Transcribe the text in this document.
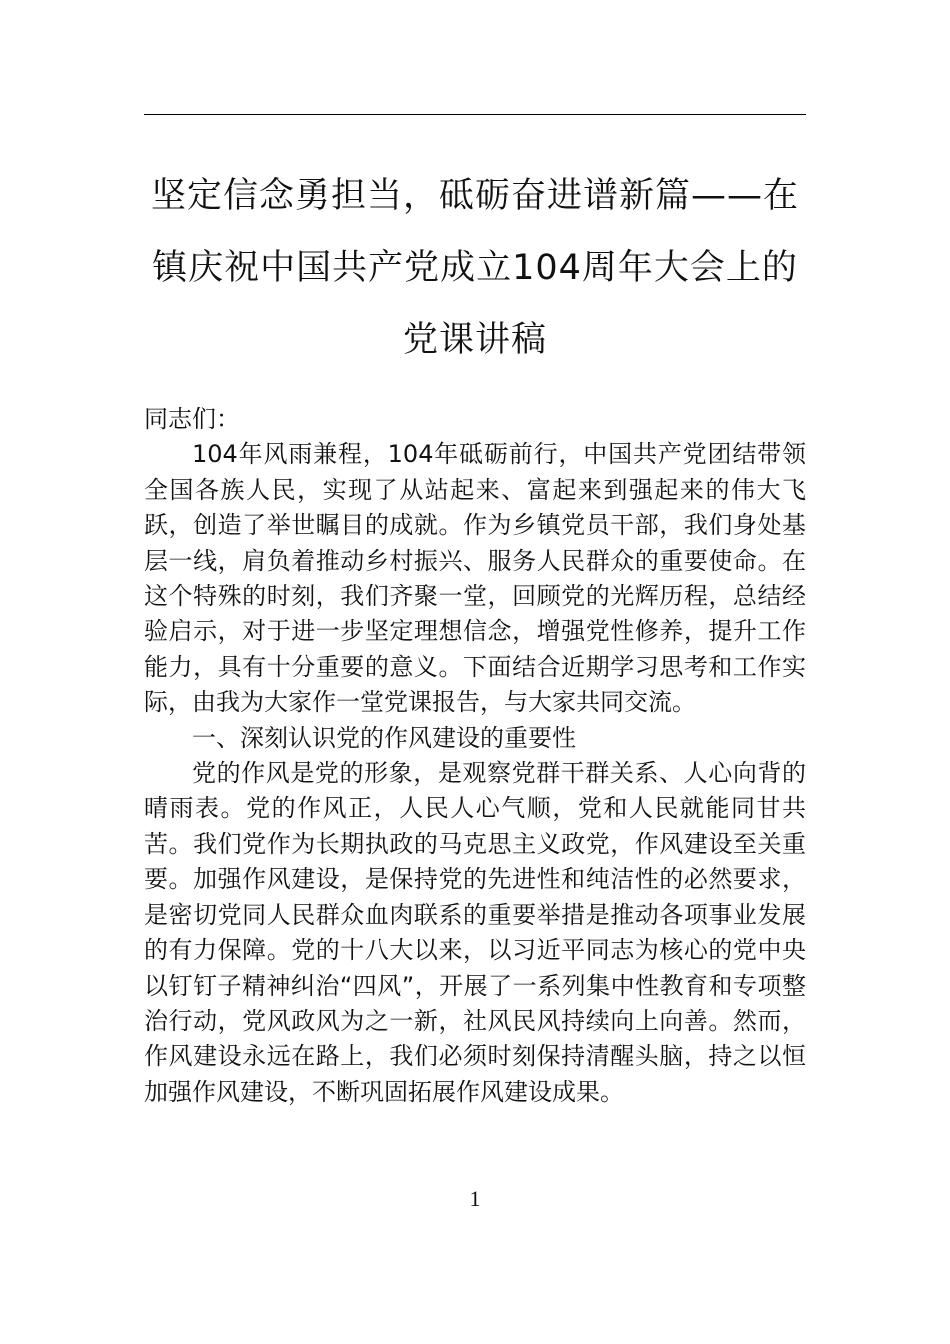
坚定信念勇担当，砥砺奋进谱新篇——在
镇庆祝中国共产党成立104周年大会上的
党课讲稿

同志们：

104年风雨兼程，104年砥砺前行，中国共产党团结带领全国各族人民，实现了从站起来、富起来到强起来的伟大飞跃，创造了举世瞩目的成就。作为乡镇党员干部，我们身处基层一线，肩负着推动乡村振兴、服务人民群众的重要使命。在这个特殊的时刻，我们齐聚一堂，回顾党的光辉历程，总结经验启示，对于进一步坚定理想信念，增强党性修养，提升工作能力，具有十分重要的意义。下面结合近期学习思考和工作实际，由我为大家作一堂党课报告，与大家共同交流。

一、深刻认识党的作风建设的重要性

党的作风是党的形象，是观察党群干群关系、人心向背的晴雨表。党的作风正，人民人心气顺，党和人民就能同甘共苦。我们党作为长期执政的马克思主义政党，作风建设至关重要。加强作风建设，是保持党的先进性和纯洁性的必然要求，是密切党同人民群众血肉联系的重要举措是推动各项事业发展的有力保障。党的十八大以来，以习近平同志为核心的党中央以钉钉子精神纠治“四风”，开展了一系列集中性教育和专项整治行动，党风政风为之一新，社风民风持续向上向善。然而，作风建设永远在路上，我们必须时刻保持清醒头脑，持之以恒加强作风建设，不断巩固拓展作风建设成果。

1
